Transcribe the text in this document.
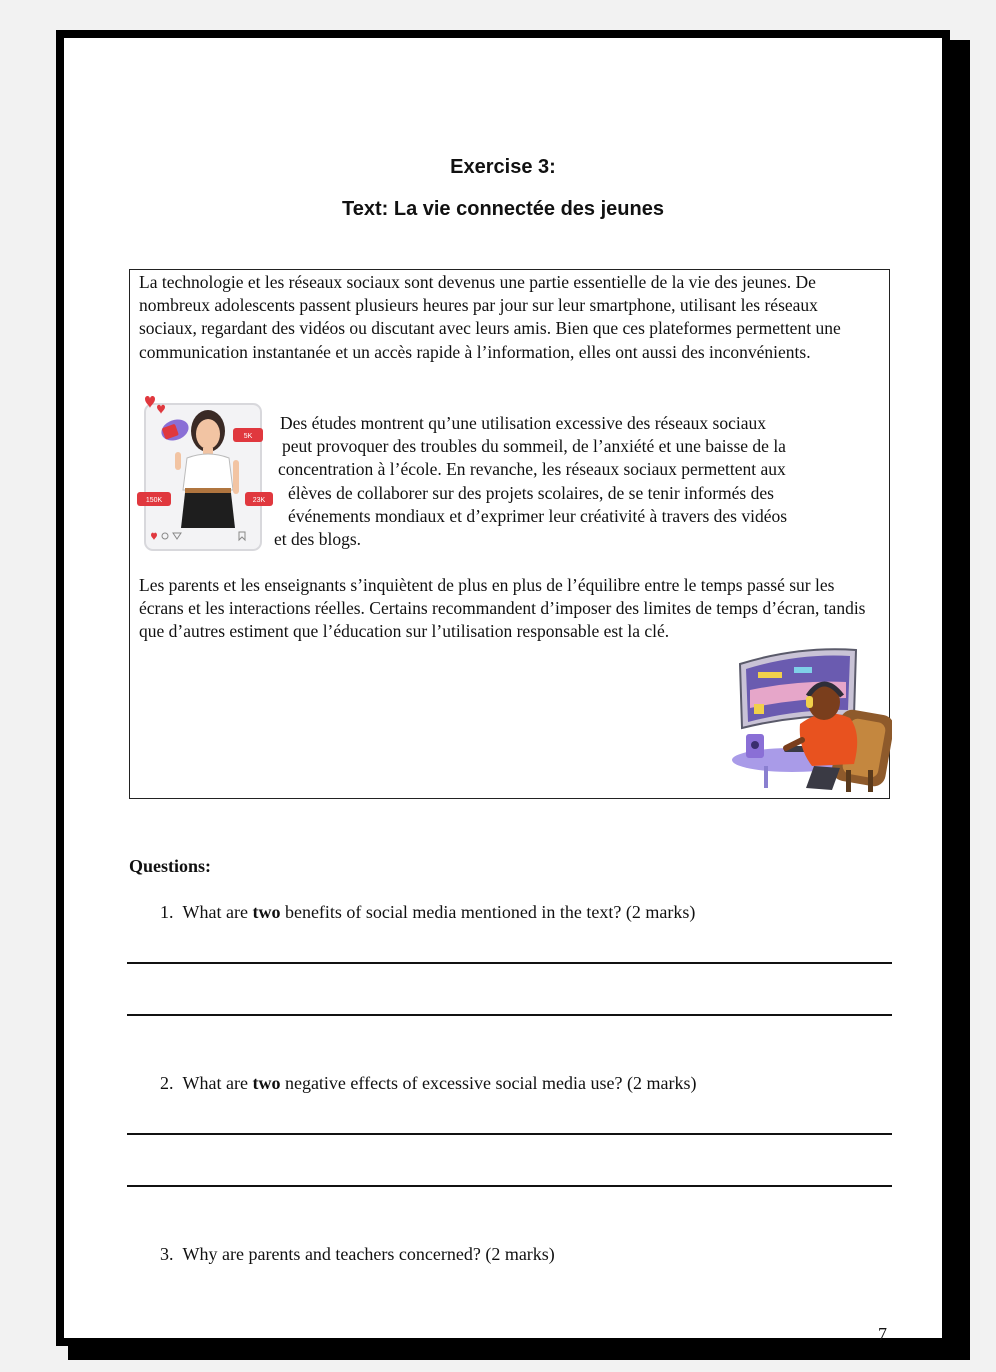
Exercise 3:
Text: La vie connectée des jeunes

La technologie et les réseaux sociaux sont devenus une partie essentielle de la vie des jeunes. De nombreux adolescents passent plusieurs heures par jour sur leur smartphone, utilisant les réseaux sociaux, regardant des vidéos ou discutant avec leurs amis. Bien que ces plateformes permettent une communication instantanée et un accès rapide à l’information, elles ont aussi des inconvénients.

5K
150K	23K
Des études montrent qu’une utilisation excessive des réseaux sociaux
peut provoquer des troubles du sommeil, de l’anxiété et une baisse de la
concentration à l’école. En revanche, les réseaux sociaux permettent aux
élèves de collaborer sur des projets scolaires, de se tenir informés des
événements mondiaux et d’exprimer leur créativité à travers des vidéos
et des blogs.

Les parents et les enseignants s’inquiètent de plus en plus de l’équilibre entre le temps passé sur les écrans et les interactions réelles. Certains recommandent d’imposer des limites de temps d’écran, tandis que d’autres estiment que l’éducation sur l’utilisation responsable est la clé.

Questions:
1. What are two benefits of social media mentioned in the text? (2 marks)
2. What are two negative effects of excessive social media use? (2 marks)
3. Why are parents and teachers concerned? (2 marks)
7
